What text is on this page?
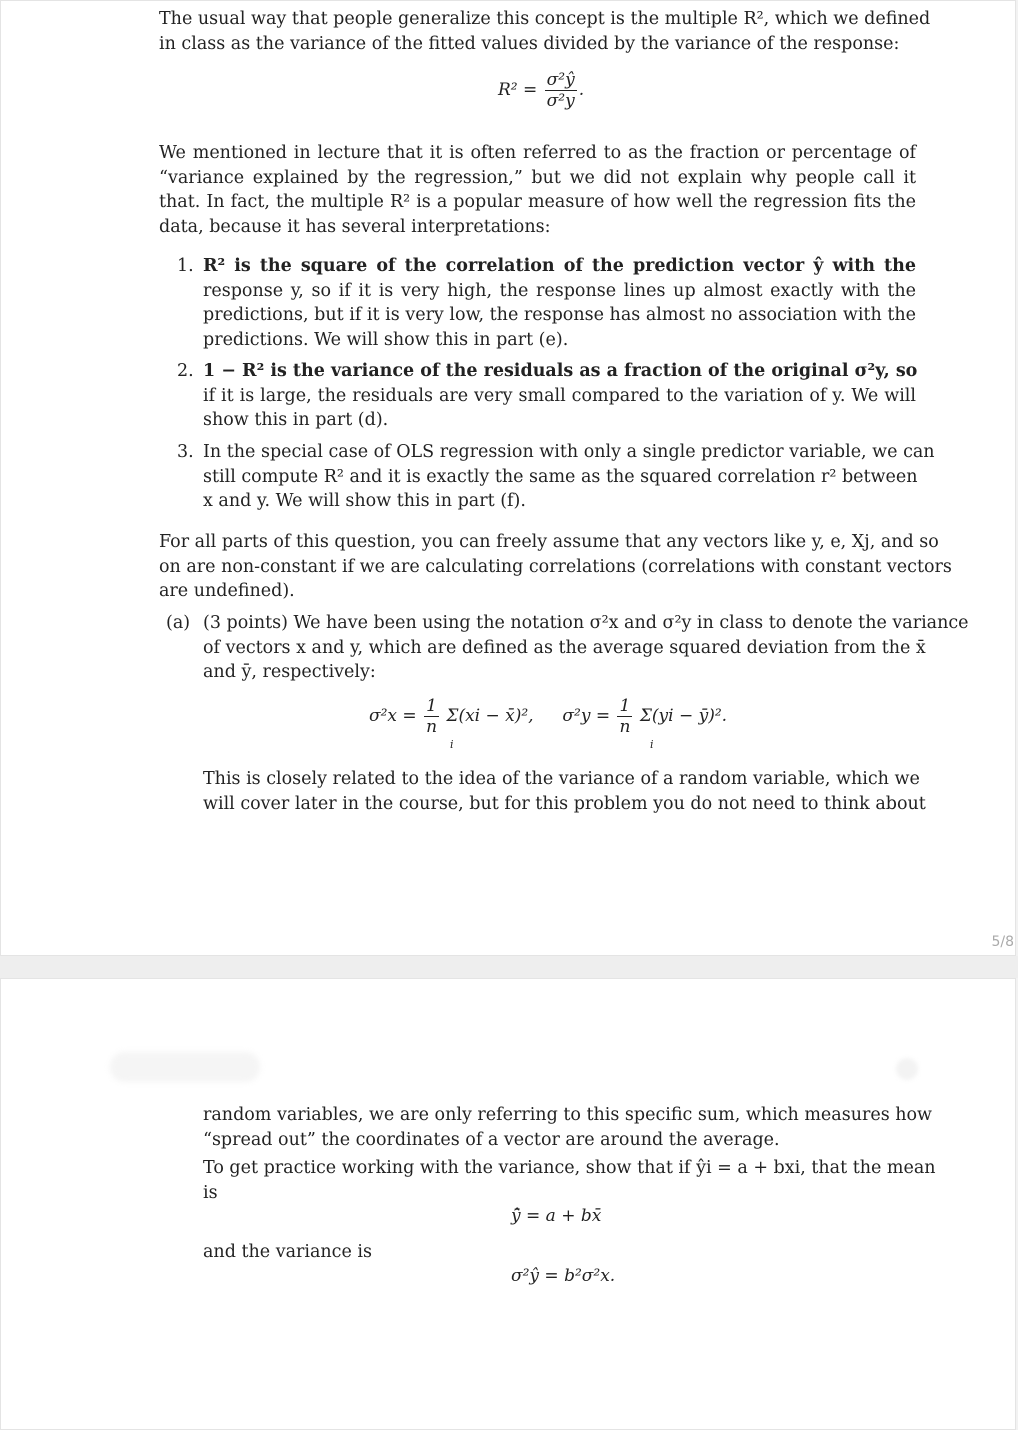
The usual way that people generalize this concept is the multiple R², which we defined
in class as the variance of the fitted values divided by the variance of the response:
$R^2 = \frac{\text{σ²ŷ}}{\text{σ²y}}$ .
We mentioned in lecture that it is often referred to as the fraction or percentage of
“variance explained by the regression,” but we did not explain why people call it
that. In fact, the multiple R² is a popular measure of how well the regression fits the
data, because it has several interpretations:
1. R² is the square of the correlation of the prediction vector ŷ with the
response y, so if it is very high, the response lines up almost exactly with the
predictions, but if it is very low, the response has almost no association with the
predictions. We will show this in part (e).
2. 1 − R² is the variance of the residuals as a fraction of the original σ²y, so
if it is large, the residuals are very small compared to the variation of y. We will
show this in part (d).
3. In the special case of OLS regression with only a single predictor variable, we can
still compute R² and it is exactly the same as the squared correlation r² between
x and y. We will show this in part (f).
For all parts of this question, you can freely assume that any vectors like y, e, Xj, and so
on are non-constant if we are calculating correlations (correlations with constant vectors
are undefined).
(a) (3 points) We have been using the notation σ²x and σ²y in class to denote the variance
of vectors x and y, which are defined as the average squared deviation from the x̄
and ȳ, respectively:
$\sigma^2x = \frac{1}{n} \Sigma(xi$ − x̄)², $\sigma^2y = \frac{1}{n} \Sigma(yi$ − ȳ)².
i	i
This is closely related to the idea of the variance of a random variable, which we
will cover later in the course, but for this problem you do not need to think about
5/8
random variables, we are only referring to this specific sum, which measures how
“spread out” the coordinates of a vector are around the average.
To get practice working with the variance, show that if ŷi = a + bxi, that the mean
is
ȳ̂ = a + bx̄
and the variance is
σ²ŷ = b²σ²x.
